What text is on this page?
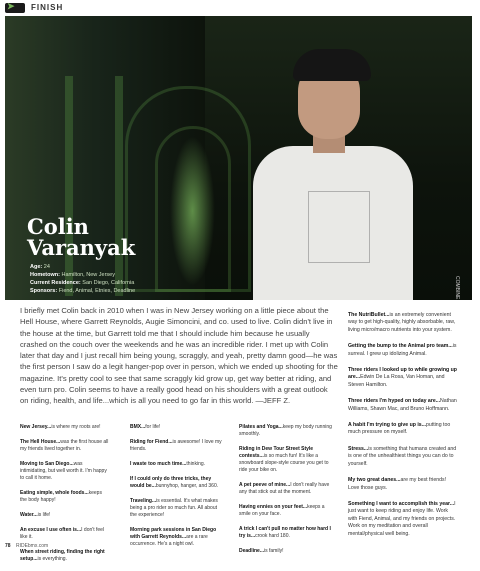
➤ FINISH
COMBINE
Colin
Varanyak
Age: 24
Hometown: Hamilton, New Jersey
Current Residence: San Diego, California
Sponsors: Fiend, Animal, Etnies, Deadline
I briefly met Colin back in 2010 when I was in New Jersey working on a little piece about the Hell House, where Garrett Reynolds, Augie Simoncini, and co. used to live. Colin didn't live in the house at the time, but Garrett told me that I should include him because he usually crashed on the couch over the weekends and he was an incredible rider. I met up with Colin later that day and I just recall him being young, scraggly, and yeah, pretty damn good—he was the first person I saw do a legit hanger-pop over in person, which we ended up shooting for the magazine. It's pretty cool to see that same scraggly kid grow up, get way better at riding, and even turn pro. Colin seems to have a really good head on his shoulders with a great outlook on riding, health, and life...which is all you need to go far in this world. —JEFF Z.

New Jersey...is where my roots are!

The Hell House...was the first house all my friends lived together in.

Moving to San Diego...was intimidating, but well worth it. I'm happy to call it home.

Eating simple, whole foods...keeps the body happy!

Water...is life!

An excuse I use often is...I don't feel like it.

When street riding, finding the right setup...is everything.

BMX...for life!

Riding for Fiend...is awesome! I love my friends.

I waste too much time...thinking.

If I could only do three tricks, they would be...bunnyhop, hanger, and 360.

Traveling...is essential. It's what makes being a pro rider so much fun. All about the experience!

Morning park sessions in San Diego with Garrett Reynolds...are a rare occurrence. He's a night owl.

Pilates and Yoga...keep my body running smoothly.

Riding in Dew Tour Street Style contests...is so much fun! It's like a snowboard slope-style course you get to ride your bike on.

A pet peeve of mine...I don't really have any that stick out at the moment.

Having ennies on your feet...keeps a smile on your face.

A trick I can't pull no matter how hard I try is...crook hard 180.

Deadline...is family!

The NutriBullet...is an extremely convenient way to get high-quality, highly absorbable, raw, living micro/macro nutrients into your system.

Getting the bump to the Animal pro team...is surreal. I grew up idolizing Animal.

Three riders I looked up to while growing up are...Edwin De La Rosa, Van Homan, and Steven Hamilton.

Three riders I'm hyped on today are...Nathan Williams, Shawn Mac, and Bruno Hoffmann.

A habit I'm trying to give up is...putting too much pressure on myself.

Stress...is something that humans created and is one of the unhealthiest things you can do to yourself.

My two great danes...are my best friends! Love those guys.

Something I want to accomplish this year...I just want to keep riding and enjoy life. Work with Fiend, Animal, and my friends on projects. Work on my meditation and overall mental/physical well being.

78 RIDEbmx.com
